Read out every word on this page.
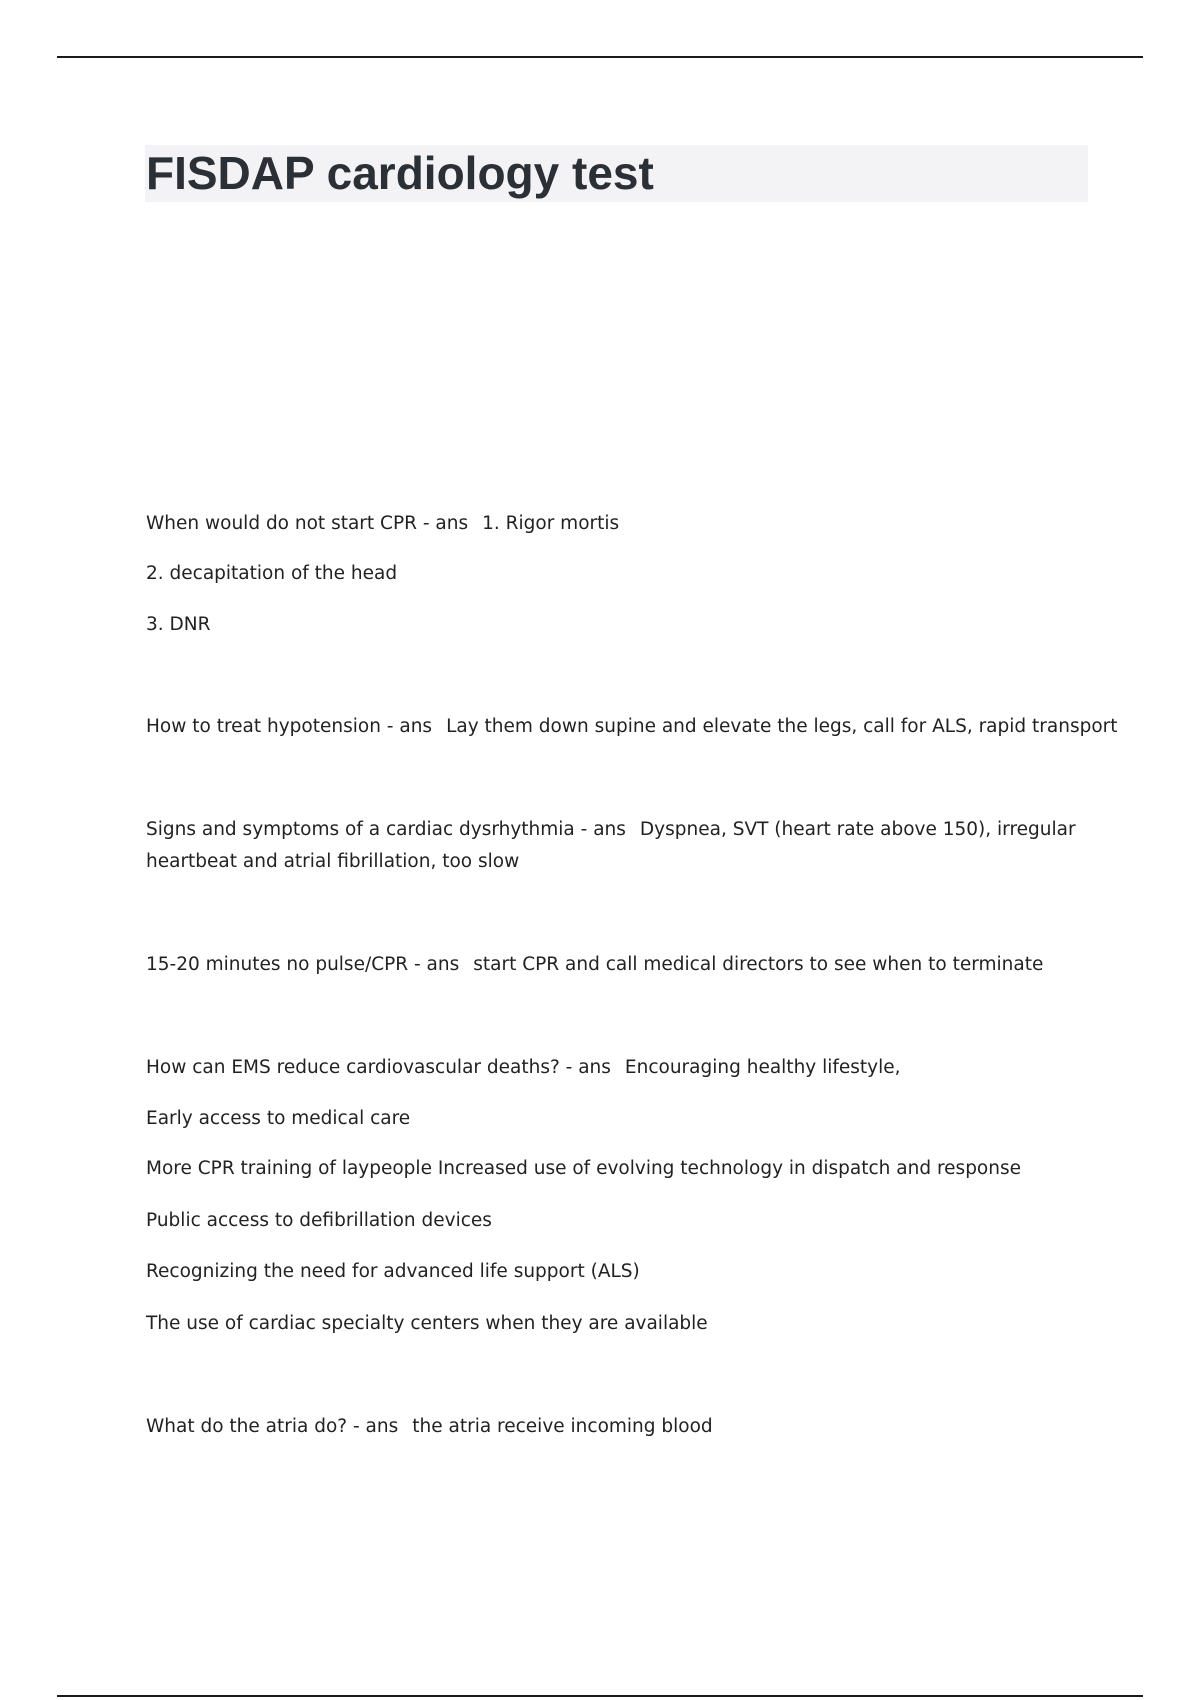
FISDAP cardiology test

When would do not start CPR - ans 1. Rigor mortis

2. decapitation of the head

3. DNR

How to treat hypotension - ans Lay them down supine and elevate the legs, call for ALS, rapid transport

Signs and symptoms of a cardiac dysrhythmia - ans Dyspnea, SVT (heart rate above 150), irregular

heartbeat and atrial fibrillation, too slow

15-20 minutes no pulse/CPR - ans start CPR and call medical directors to see when to terminate

How can EMS reduce cardiovascular deaths? - ans Encouraging healthy lifestyle,

Early access to medical care

More CPR training of laypeople Increased use of evolving technology in dispatch and response

Public access to defibrillation devices

Recognizing the need for advanced life support (ALS)

The use of cardiac specialty centers when they are available

What do the atria do? - ans the atria receive incoming blood
